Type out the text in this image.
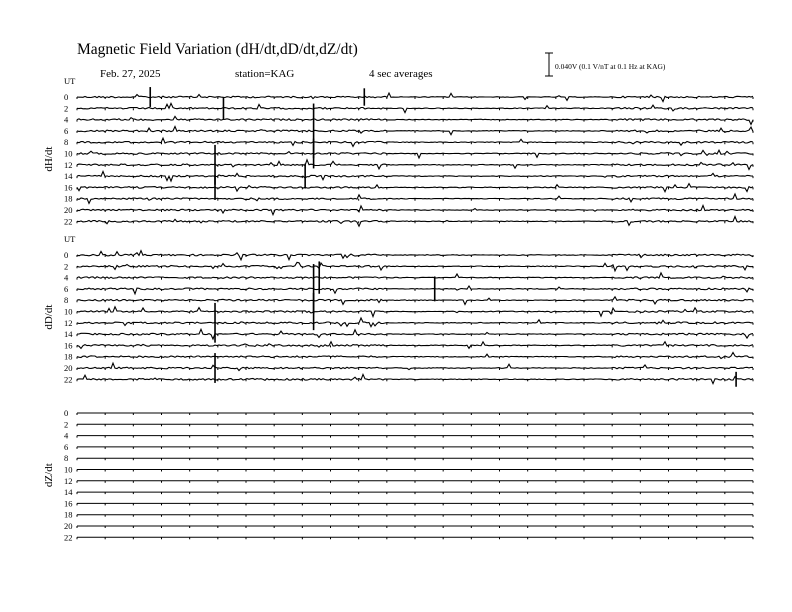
Magnetic Field Variation (dH/dt,dD/dt,dZ/dt)
Feb. 27, 2025	station=KAG	4 sec averages
0.040V (0.1 V/nT at 0.1 Hz at KAG)
UT
dH/dt
0
2
4
6
8
10
12
14
16
18
20
22
UT
dD/dt
0
2
4
6
8
10
12
14
16
18
20
22
dZ/dt
0
2
4
6
8
10
12
14
16
18
20
22
